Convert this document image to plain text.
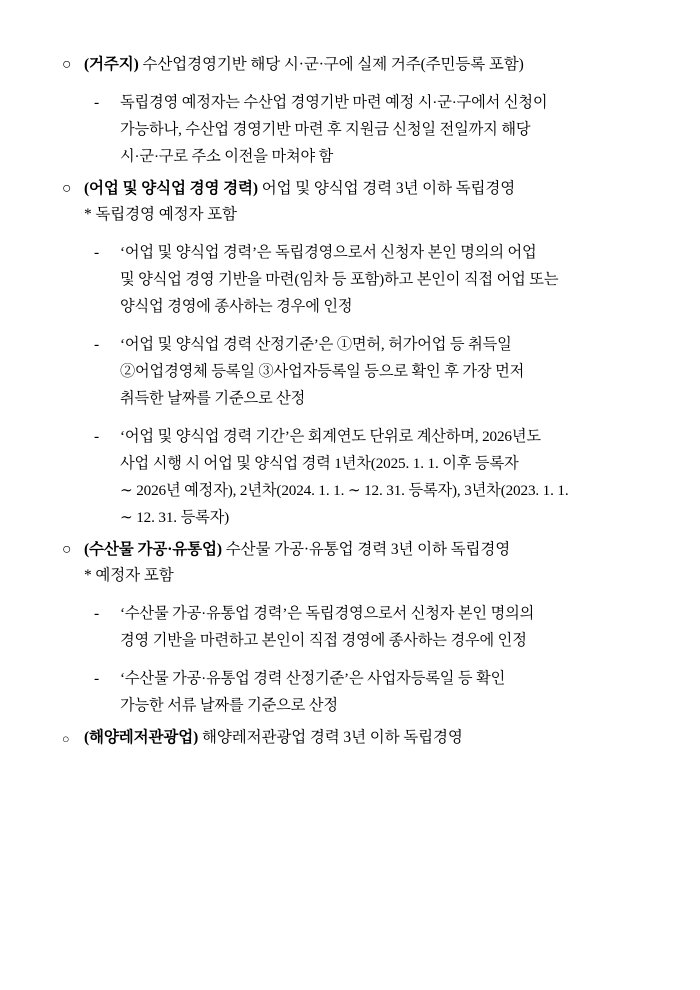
○ (거주지) 수산업경영기반 해당 시·군·구에 실제 거주(주민등록 포함)
- 독립경영 예정자는 수산업 경영기반 마련 예정 시·군·구에서 신청이
가능하나, 수산업 경영기반 마련 후 지원금 신청일 전일까지 해당
시·군·구로 주소 이전을 마쳐야 함
○ (어업 및 양식업 경영 경력) 어업 및 양식업 경력 3년 이하 독립경영
* 독립경영 예정자 포함
- ‘어업 및 양식업 경력’은 독립경영으로서 신청자 본인 명의의 어업
및 양식업 경영 기반을 마련(임차 등 포함)하고 본인이 직접 어업 또는
양식업 경영에 종사하는 경우에 인정
- ‘어업 및 양식업 경력 산정기준’은 ①면허, 허가어업 등 취득일
②어업경영체 등록일 ③사업자등록일 등으로 확인 후 가장 먼저
취득한 날짜를 기준으로 산정
- ‘어업 및 양식업 경력 기간’은 회계연도 단위로 계산하며, 2026년도
사업 시행 시 어업 및 양식업 경력 1년차(2025. 1. 1. 이후 등록자
∼ 2026년 예정자), 2년차(2024. 1. 1. ∼ 12. 31. 등록자), 3년차(2023. 1. 1.
∼ 12. 31. 등록자)
○ (수산물 가공·유통업) 수산물 가공·유통업 경력 3년 이하 독립경영
* 예정자 포함
- ‘수산물 가공·유통업 경력’은 독립경영으로서 신청자 본인 명의의
경영 기반을 마련하고 본인이 직접 경영에 종사하는 경우에 인정
- ‘수산물 가공·유통업 경력 산정기준’은 사업자등록일 등 확인
가능한 서류 날짜를 기준으로 산정
○ (해양레저관광업) 해양레저관광업 경력 3년 이하 독립경영
